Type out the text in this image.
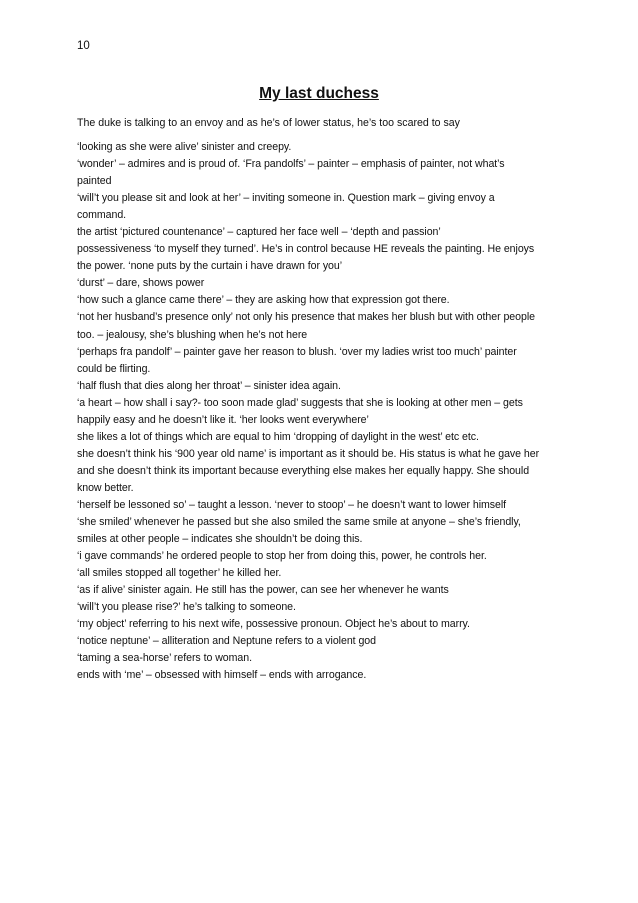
10
My last duchess

The duke is talking to an envoy and as he’s of lower status, he’s too scared to say

‘looking as she were alive’ sinister and creepy.
‘wonder’ – admires and is proud of. ‘Fra pandolfs’ – painter – emphasis of painter, not what’s
painted
‘will’t you please sit and look at her’ – inviting someone in. Question mark – giving envoy a
command.
the artist ‘pictured countenance’ – captured her face well – ‘depth and passion’
possessiveness ‘to myself they turned’. He’s in control because HE reveals the painting. He enjoys
the power. ‘none puts by the curtain i have drawn for you’
‘durst’ – dare, shows power
‘how such a glance came there’ – they are asking how that expression got there.
‘not her husband’s presence only’ not only his presence that makes her blush but with other people
too. – jealousy, she’s blushing when he’s not here
‘perhaps fra pandolf’ – painter gave her reason to blush. ‘over my ladies wrist too much’ painter
could be flirting.
‘half flush that dies along her throat’ – sinister idea again.
‘a heart – how shall i say?- too soon made glad’ suggests that she is looking at other men – gets
happily easy and he doesn’t like it. ‘her looks went everywhere’
she likes a lot of things which are equal to him ‘dropping of daylight in the west’ etc etc.
she doesn’t think his ‘900 year old name’ is important as it should be. His status is what he gave her
and she doesn’t think its important because everything else makes her equally happy. She should
know better.
‘herself be lessoned so’ – taught a lesson. ‘never to stoop’ – he doesn’t want to lower himself
‘she smiled’ whenever he passed but she also smiled the same smile at anyone – she’s friendly,
smiles at other people – indicates she shouldn’t be doing this.
‘i gave commands’ he ordered people to stop her from doing this, power, he controls her.
‘all smiles stopped all together’ he killed her.
‘as if alive’ sinister again. He still has the power, can see her whenever he wants
‘will’t you please rise?’ he’s talking to someone.
‘my object’ referring to his next wife, possessive pronoun. Object he’s about to marry.
‘notice neptune’ – alliteration and Neptune refers to a violent god
‘taming a sea-horse’ refers to woman.
ends with ‘me’ – obsessed with himself – ends with arrogance.
